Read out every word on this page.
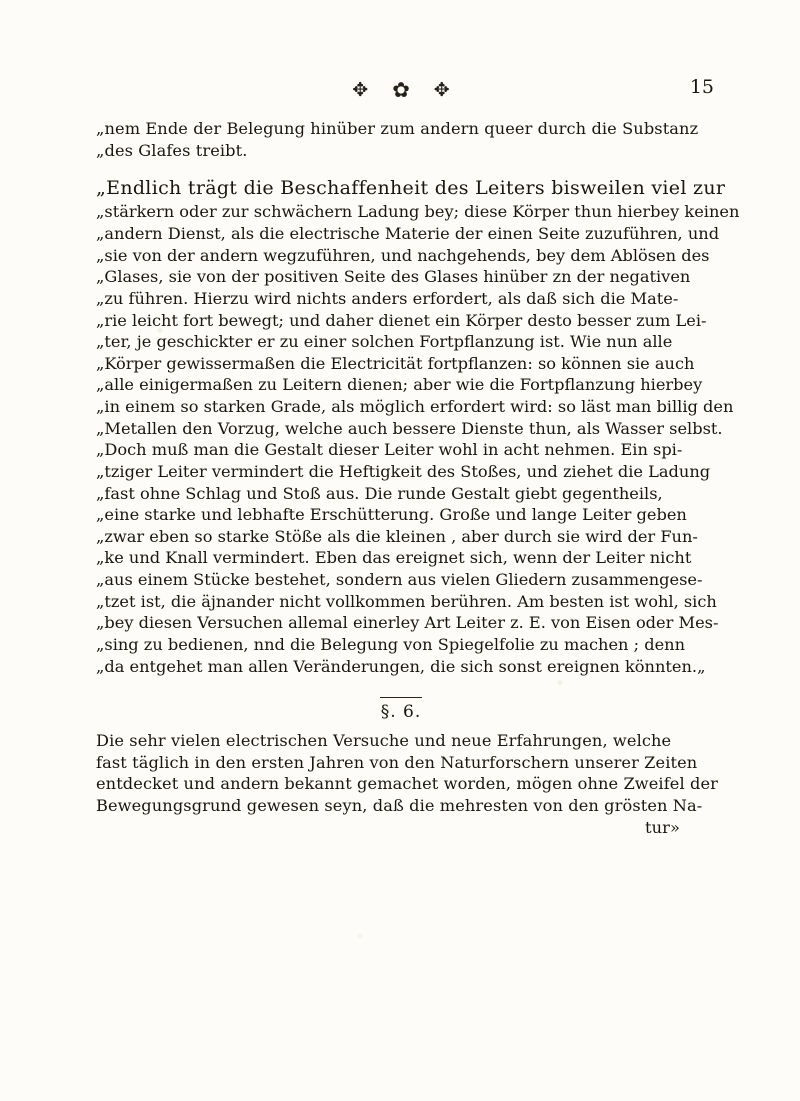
✥ ✿ ✥	15
„nem Ende der Belegung hinüber zum andern queer durch die Substanz
„des Glafes treibt.
„Endlich trägt die Beschaffenheit des Leiters bisweilen viel zur
„stärkern oder zur schwächern Ladung bey; diese Körper thun hierbey keinen
„andern Dienst, als die electrische Materie der einen Seite zuzuführen, und
„sie von der andern wegzuführen, und nachgehends, bey dem Ablösen des
„Glases, sie von der positiven Seite des Glases hinüber zn der negativen
„zu führen. Hierzu wird nichts anders erfordert, als daß sich die Mate-
„rie leicht fort bewegt; und daher dienet ein Körper desto besser zum Lei-
„ter, je geschickter er zu einer solchen Fortpflanzung ist. Wie nun alle
„Körper gewissermaßen die Electricität fortpflanzen: so können sie auch
„alle einigermaßen zu Leitern dienen; aber wie die Fortpflanzung hierbey
„in einem so starken Grade, als möglich erfordert wird: so läst man billig den
„Metallen den Vorzug, welche auch bessere Dienste thun, als Wasser selbst.
„Doch muß man die Gestalt dieser Leiter wohl in acht nehmen. Ein spi-
„tziger Leiter vermindert die Heftigkeit des Stoßes, und ziehet die Ladung
„fast ohne Schlag und Stoß aus. Die runde Gestalt giebt gegentheils,
„eine starke und lebhafte Erschütterung. Große und lange Leiter geben
„zwar eben so starke Stöße als die kleinen , aber durch sie wird der Fun-
„ke und Knall vermindert. Eben das ereignet sich, wenn der Leiter nicht
„aus einem Stücke bestehet, sondern aus vielen Gliedern zusammengese-
„tzet ist, die äjnander nicht vollkommen berühren. Am besten ist wohl, sich
„bey diesen Versuchen allemal einerley Art Leiter z. E. von Eisen oder Mes-
„sing zu bedienen, nnd die Belegung von Spiegelfolie zu machen ; denn
„da entgehet man allen Veränderungen, die sich sonst ereignen könnten.„
§. 6.
Die sehr vielen electrischen Versuche und neue Erfahrungen, welche
fast täglich in den ersten Jahren von den Naturforschern unserer Zeiten
entdecket und andern bekannt gemachet worden, mögen ohne Zweifel der
Bewegungsgrund gewesen seyn, daß die mehresten von den grösten Na-
tur»
